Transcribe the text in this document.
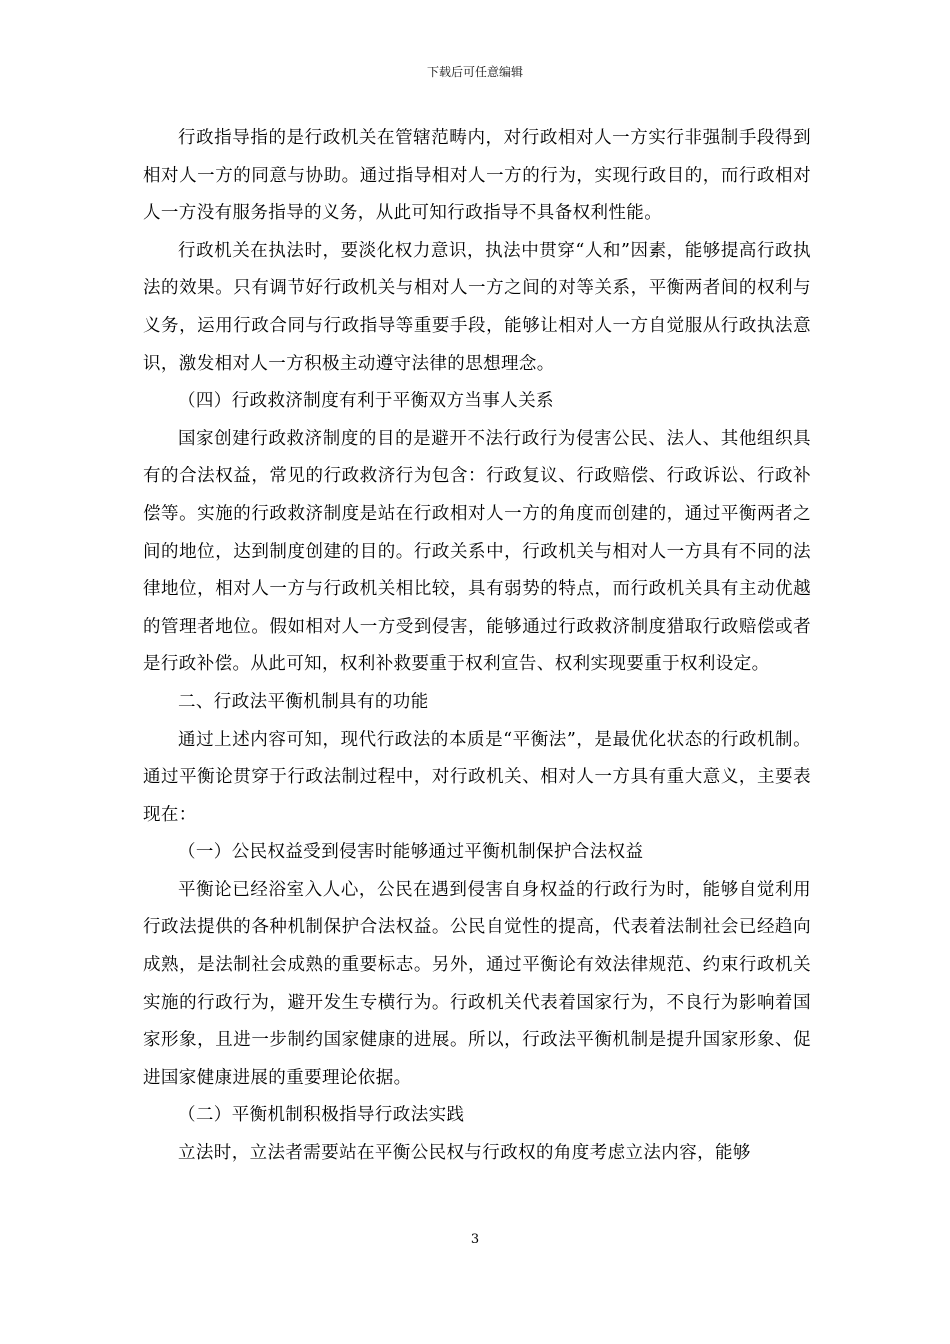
下载后可任意编辑

行政指导指的是行政机关在管辖范畴内，对行政相对人一方实行非强制手段得到相对人一方的同意与协助。通过指导相对人一方的行为，实现行政目的，而行政相对人一方没有服务指导的义务，从此可知行政指导不具备权利性能。

行政机关在执法时，要淡化权力意识，执法中贯穿“人和”因素，能够提高行政执法的效果。只有调节好行政机关与相对人一方之间的对等关系，平衡两者间的权利与义务，运用行政合同与行政指导等重要手段，能够让相对人一方自觉服从行政执法意识，激发相对人一方积极主动遵守法律的思想理念。

（四）行政救济制度有利于平衡双方当事人关系

国家创建行政救济制度的目的是避开不法行政行为侵害公民、法人、其他组织具有的合法权益，常见的行政救济行为包含：行政复议、行政赔偿、行政诉讼、行政补偿等。实施的行政救济制度是站在行政相对人一方的角度而创建的，通过平衡两者之间的地位，达到制度创建的目的。行政关系中，行政机关与相对人一方具有不同的法律地位，相对人一方与行政机关相比较，具有弱势的特点，而行政机关具有主动优越的管理者地位。假如相对人一方受到侵害，能够通过行政救济制度猎取行政赔偿或者是行政补偿。从此可知，权利补救要重于权利宣告、权利实现要重于权利设定。

二、行政法平衡机制具有的功能

通过上述内容可知，现代行政法的本质是“平衡法”，是最优化状态的行政机制。通过平衡论贯穿于行政法制过程中，对行政机关、相对人一方具有重大意义，主要表现在：

（一）公民权益受到侵害时能够通过平衡机制保护合法权益

平衡论已经浴室入人心，公民在遇到侵害自身权益的行政行为时，能够自觉利用行政法提供的各种机制保护合法权益。公民自觉性的提高，代表着法制社会已经趋向成熟，是法制社会成熟的重要标志。另外，通过平衡论有效法律规范、约束行政机关实施的行政行为，避开发生专横行为。行政机关代表着国家行为，不良行为影响着国家形象，且进一步制约国家健康的进展。所以，行政法平衡机制是提升国家形象、促进国家健康进展的重要理论依据。

（二）平衡机制积极指导行政法实践

立法时，立法者需要站在平衡公民权与行政权的角度考虑立法内容，能够

3
